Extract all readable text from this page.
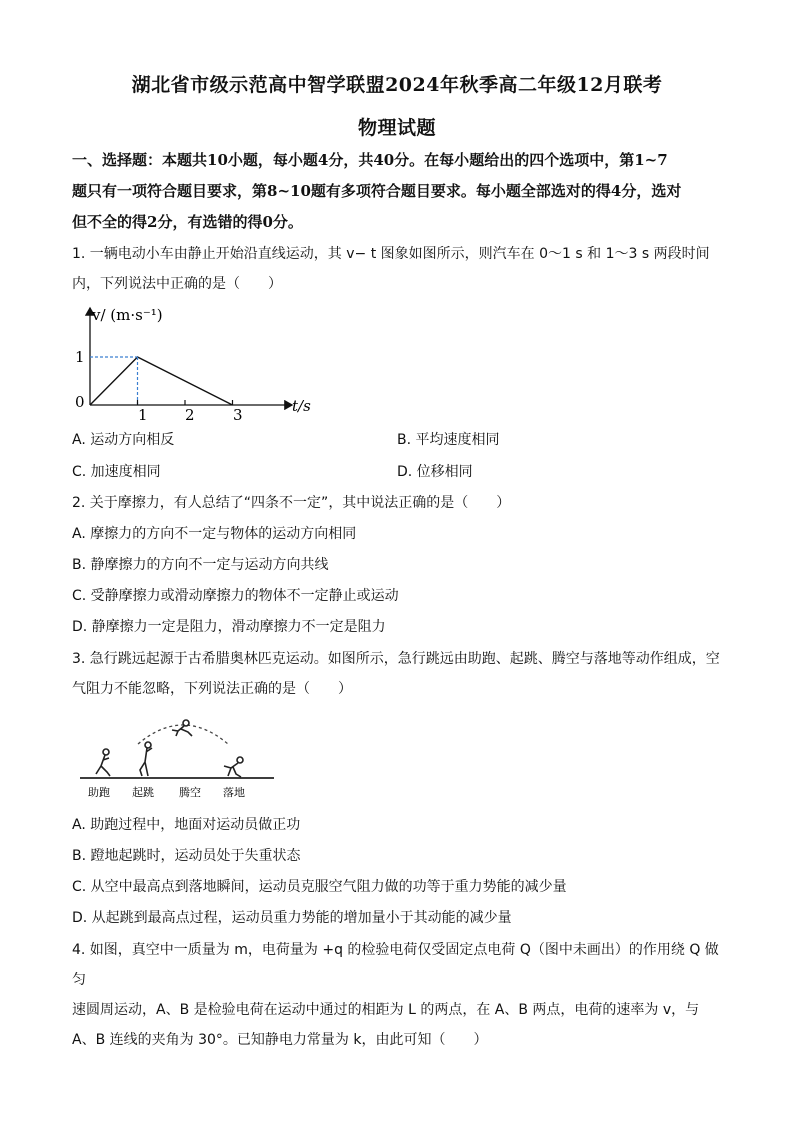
湖北省市级示范高中智学联盟2024年秋季高二年级12月联考
物理试题
一、选择题：本题共10小题，每小题4分，共40分。在每小题给出的四个选项中，第1~7
题只有一项符合题目要求，第8~10题有多项符合题目要求。每小题全部选对的得4分，选对
但不全的得2分，有选错的得0分。
1. 一辆电动小车由静止开始沿直线运动，其 v− t 图象如图所示，则汽车在 0～1 s 和 1～3 s 两段时间
内，下列说法中正确的是（　　）
v/ (m·s⁻¹)
t/s
1
0
1 2	3
A. 运动方向相反	B. 平均速度相同
C. 加速度相同	D. 位移相同
2. 关于摩擦力，有人总结了“四条不一定”，其中说法正确的是（　　）
A. 摩擦力的方向不一定与物体的运动方向相同
B. 静摩擦力的方向不一定与运动方向共线
C. 受静摩擦力或滑动摩擦力的物体不一定静止或运动
D. 静摩擦力一定是阻力，滑动摩擦力不一定是阻力
3. 急行跳远起源于古希腊奥林匹克运动。如图所示，急行跳远由助跑、起跳、腾空与落地等动作组成，空
气阻力不能忽略，下列说法正确的是（　　）
助跑 起跳 腾空 落地
A. 助跑过程中，地面对运动员做正功
B. 蹬地起跳时，运动员处于失重状态
C. 从空中最高点到落地瞬间，运动员克服空气阻力做的功等于重力势能的减少量
D. 从起跳到最高点过程，运动员重力势能的增加量小于其动能的减少量
4. 如图，真空中一质量为 m，电荷量为 +q 的检验电荷仅受固定点电荷 Q（图中未画出）的作用绕 Q 做匀
速圆周运动，A、B 是检验电荷在运动中通过的相距为 L 的两点，在 A、B 两点，电荷的速率为 v，与
A、B 连线的夹角为 30°。已知静电力常量为 k，由此可知（　　）
